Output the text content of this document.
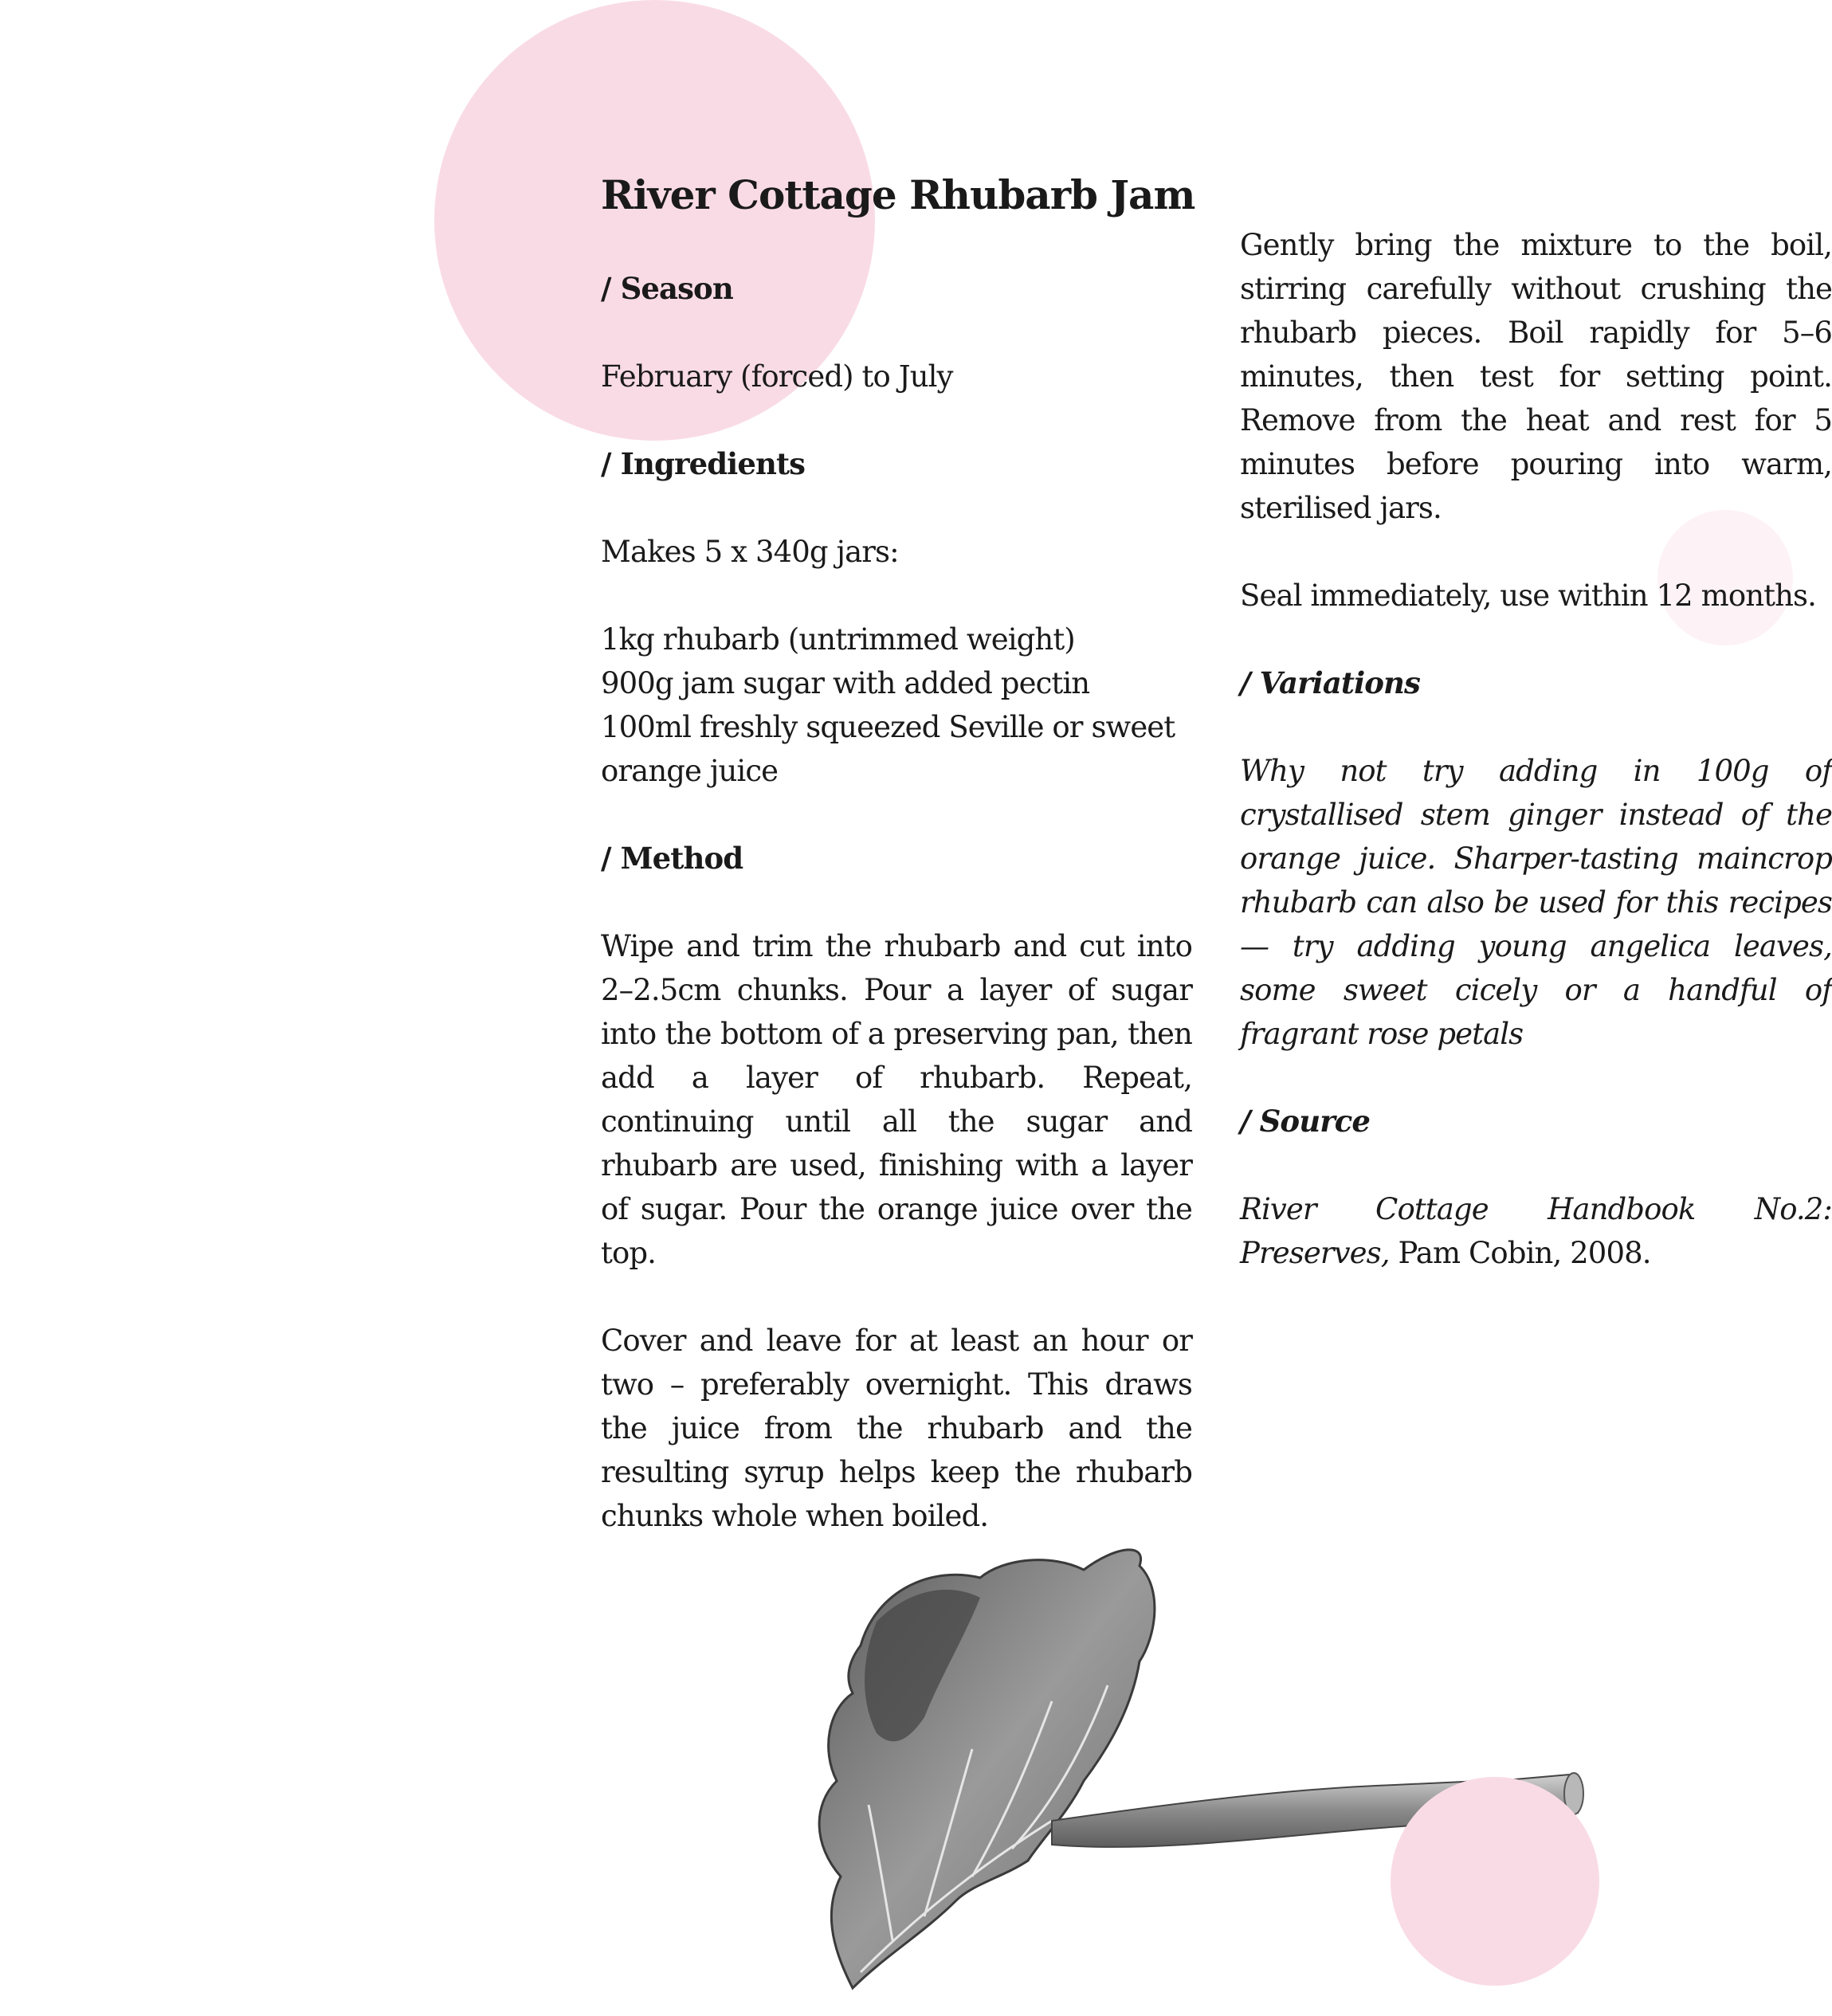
River Cottage Rhubarb Jam
/ Season

February (forced) to July

/ Ingredients

Makes 5 x 340g jars:

1kg rhubarb (untrimmed weight)
900g jam sugar with added pectin
100ml freshly squeezed Seville or sweet orange juice

/ Method

Wipe and trim the rhubarb and cut into 2–2.5cm chunks. Pour a layer of sugar into the bottom of a preserving pan, then add a layer of rhubarb. Repeat, continuing until all the sugar and rhubarb are used, finishing with a layer of sugar. Pour the orange juice over the top.

Cover and leave for at least an hour or two – preferably overnight. This draws the juice from the rhubarb and the resulting syrup helps keep the rhubarb chunks whole when boiled.

Gently bring the mixture to the boil, stirring carefully without crushing the rhubarb pieces. Boil rapidly for 5–6 minutes, then test for setting point. Remove from the heat and rest for 5 minutes before pouring into warm, sterilised jars.

Seal immediately, use within 12 months.

/ Variations

Why not try adding in 100g of crystallised stem ginger instead of the orange juice. Sharper-tasting maincrop rhubarb can also be used for this recipes — try adding young angelica leaves, some sweet cicely or a handful of fragrant rose petals

/ Source

River Cottage Handbook No.2: Preserves, Pam Cobin, 2008.
